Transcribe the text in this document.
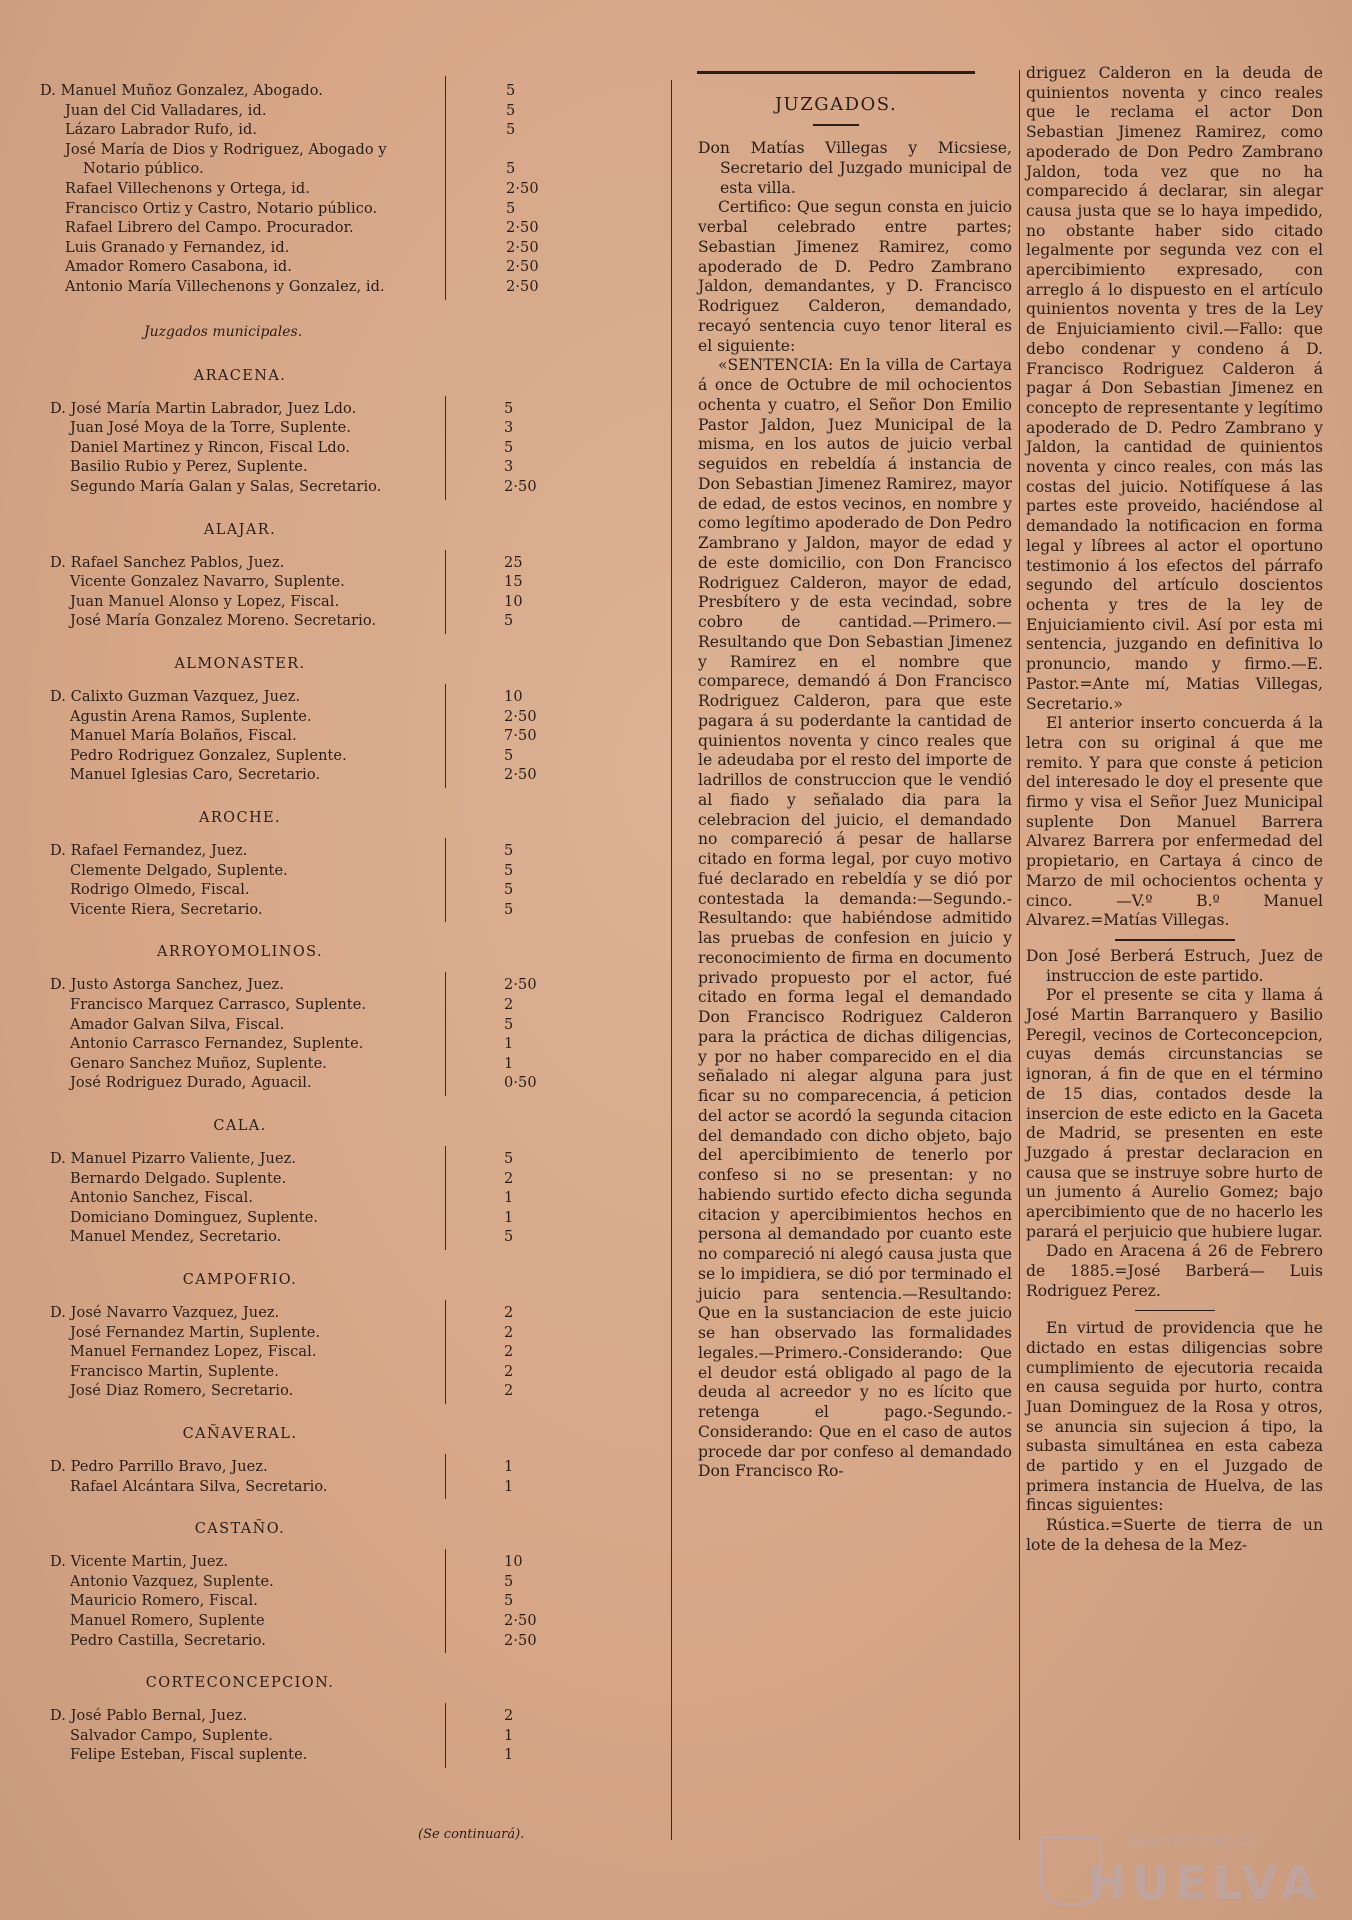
D. Manuel Muñoz Gonzalez, Abogado.	5
Juan del Cid Valladares, id.	5
Lázaro Labrador Rufo, id.	5
José María de Dios y Rodriguez, Abogado y
Notario público.	5
Rafael Villechenons y Ortega, id.	2·50
Francisco Ortiz y Castro, Notario público.	5
Rafael Librero del Campo. Procurador.	2·50
Luis Granado y Fernandez, id.	2·50
Amador Romero Casabona, id.	2·50
Antonio María Villechenons y Gonzalez, id.	2·50
Juzgados municipales.
ARACENA.
D. José María Martin Labrador, Juez Ldo.	5
Juan José Moya de la Torre, Suplente.	3
Daniel Martinez y Rincon, Fiscal Ldo.	5
Basilio Rubio y Perez, Suplente.	3
Segundo María Galan y Salas, Secretario.	2·50
ALAJAR.
D. Rafael Sanchez Pablos, Juez.	25
Vicente Gonzalez Navarro, Suplente.	15
Juan Manuel Alonso y Lopez, Fiscal.	10
José María Gonzalez Moreno. Secretario.	5
ALMONASTER.
D. Calixto Guzman Vazquez, Juez.	10
Agustin Arena Ramos, Suplente.	2·50
Manuel María Bolaños, Fiscal.	7·50
Pedro Rodriguez Gonzalez, Suplente.	5
Manuel Iglesias Caro, Secretario.	2·50
AROCHE.
D. Rafael Fernandez, Juez.	5
Clemente Delgado, Suplente.	5
Rodrigo Olmedo, Fiscal.	5
Vicente Riera, Secretario.	5
ARROYOMOLINOS.
D. Justo Astorga Sanchez, Juez.	2·50
Francisco Marquez Carrasco, Suplente.	2
Amador Galvan Silva, Fiscal.	5
Antonio Carrasco Fernandez, Suplente.	1
Genaro Sanchez Muñoz, Suplente.	1
José Rodriguez Durado, Aguacil.	0·50
CALA.
D. Manuel Pizarro Valiente, Juez.	5
Bernardo Delgado. Suplente.	2
Antonio Sanchez, Fiscal.	1
Domiciano Dominguez, Suplente.	1
Manuel Mendez, Secretario.	5
CAMPOFRIO.
D. José Navarro Vazquez, Juez.	2
José Fernandez Martin, Suplente.	2
Manuel Fernandez Lopez, Fiscal.	2
Francisco Martin, Suplente.	2
José Diaz Romero, Secretario.	2
CAÑAVERAL.
D. Pedro Parrillo Bravo, Juez.	1
Rafael Alcántara Silva, Secretario.	1
CASTAÑO.
D. Vicente Martin, Juez.	10
Antonio Vazquez, Suplente.	5
Mauricio Romero, Fiscal.	5
Manuel Romero, Suplente	2·50
Pedro Castilla, Secretario.	2·50
CORTECONCEPCION.
D. José Pablo Bernal, Juez.	2
Salvador Campo, Suplente.	1
Felipe Esteban, Fiscal suplente.	1
(Se continuará).
JUZGADOS.

Don Matías Villegas y Micsiese, Secretario del Juzgado municipal de esta villa.

Certifico: Que segun consta en juicio verbal celebrado entre partes; Sebastian Jimenez Ramirez, como apoderado de D. Pedro Zambrano Jaldon, demandantes, y D. Francisco Rodriguez Calderon, demandado, recayó sentencia cuyo tenor literal es el siguiente:

«SENTENCIA: En la villa de Cartaya á once de Octubre de mil ochocientos ochenta y cuatro, el Señor Don Emilio Pastor Jaldon, Juez Municipal de la misma, en los autos de juicio verbal seguidos en rebeldía á instancia de Don Sebastian Jimenez Ramirez, mayor de edad, de estos vecinos, en nombre y como legítimo apoderado de Don Pedro Zambrano y Jaldon, mayor de edad y de este domicilio, con Don Francisco Rodriguez Calderon, mayor de edad, Presbítero y de esta vecindad, sobre cobro de cantidad.—Primero.—Resultando que Don Sebastian Jimenez y Ramirez en el nombre que comparece, demandó á Don Francisco Rodriguez Calderon, para que este pagara á su poderdante la cantidad de quinientos noventa y cinco reales que le adeudaba por el resto del importe de ladrillos de construccion que le vendió al fiado y señalado dia para la celebracion del juicio, el demandado no compareció á pesar de hallarse citado en forma legal, por cuyo motivo fué declarado en rebeldía y se dió por contestada la demanda:—Segundo.-Resultando: que habiéndose admitido las pruebas de confesion en juicio y reconocimiento de firma en documento privado propuesto por el actor, fué citado en forma legal el demandado Don Francisco Rodriguez Calderon para la práctica de dichas diligencias, y por no haber comparecido en el dia señalado ni alegar alguna para just ficar su no comparecencia, á peticion del actor se acordó la segunda citacion del demandado con dicho objeto, bajo del apercibimiento de tenerlo por confeso si no se presentan: y no habiendo surtido efecto dicha segunda citacion y apercibimientos hechos en persona al demandado por cuanto este no compareció ni alegó causa justa que se lo impidiera, se dió por terminado el juicio para sentencia.—Resultando: Que en la sustanciacion de este juicio se han observado las formalidades legales.—Primero.-Considerando: Que el deudor está obligado al pago de la deuda al acreedor y no es lícito que retenga el pago.-Segundo.-Considerando: Que en el caso de autos procede dar por confeso al demandado Don Francisco Ro-

driguez Calderon en la deuda de quinientos noventa y cinco reales que le reclama el actor Don Sebastian Jimenez Ramirez, como apoderado de Don Pedro Zambrano Jaldon, toda vez que no ha comparecido á declarar, sin alegar causa justa que se lo haya impedido, no obstante haber sido citado legalmente por segunda vez con el apercibimiento expresado, con arreglo á lo dispuesto en el artículo quinientos noventa y tres de la Ley de Enjuiciamiento civil.—Fallo: que debo condenar y condeno á D. Francisco Rodriguez Calderon á pagar á Don Sebastian Jimenez en concepto de representante y legítimo apoderado de D. Pedro Zambrano y Jaldon, la cantidad de quinientos noventa y cinco reales, con más las costas del juicio. Notifíquese á las partes este proveido, haciéndose al demandado la notificacion en forma legal y líbrees al actor el oportuno testimonio á los efectos del párrafo segundo del artículo doscientos ochenta y tres de la ley de Enjuiciamiento civil. Así por esta mi sentencia, juzgando en definitiva lo pronuncio, mando y firmo.—E. Pastor.=Ante mí, Matias Villegas, Secretario.»

El anterior inserto concuerda á la letra con su original á que me remito. Y para que conste á peticion del interesado le doy el presente que firmo y visa el Señor Juez Municipal suplente Don Manuel Barrera Alvarez Barrera por enfermedad del propietario, en Cartaya á cinco de Marzo de mil ochocientos ochenta y cinco. —V.º B.º Manuel Alvarez.=Matías Villegas.

Don José Berberá Estruch, Juez de instruccion de este partido.

Por el presente se cita y llama á José Martin Barranquero y Basilio Peregil, vecinos de Corteconcepcion, cuyas demás circunstancias se ignoran, á fin de que en el término de 15 dias, contados desde la insercion de este edicto en la Gaceta de Madrid, se presenten en este Juzgado á prestar declaracion en causa que se instruye sobre hurto de un jumento á Aurelio Gomez; bajo apercibimiento que de no hacerlo les parará el perjuicio que hubiere lugar.

Dado en Aracena á 26 de Febrero de 1885.=José Barberá— Luis Rodriguez Perez.

En virtud de providencia que he dictado en estas diligencias sobre cumplimiento de ejecutoria recaida en causa seguida por hurto, contra Juan Dominguez de la Rosa y otros, se anuncia sin sujecion á tipo, la subasta simultánea en esta cabeza de partido y en el Juzgado de primera instancia de Huelva, de las fincas siguientes:

Rústica.=Suerte de tierra de un lote de la dehesa de la Mez-

Ayuntamiento de
HUELVA
